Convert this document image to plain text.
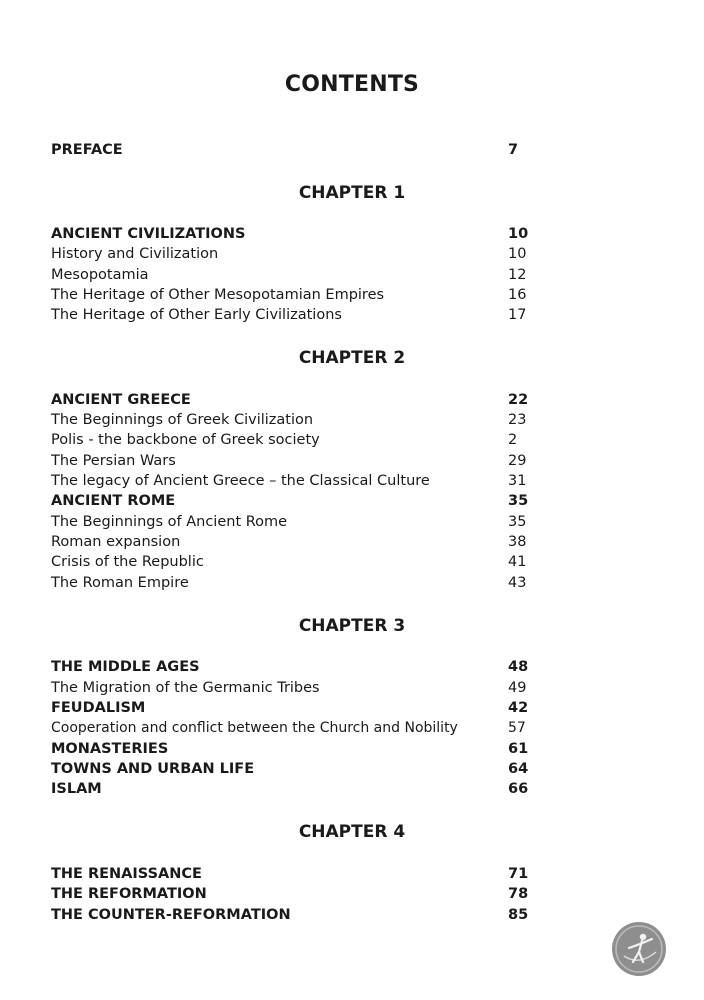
CONTENTS
PREFACE	7
CHAPTER 1
ANCIENT CIVILIZATIONS	10
History and Civilization	10
Mesopotamia	12
The Heritage of Other Mesopotamian Empires	16
The Heritage of Other Early Civilizations	17
CHAPTER 2
ANCIENT GREECE	22
The Beginnings of Greek Civilization	23
Polis - the backbone of Greek society	2
The Persian Wars	29
The legacy of Ancient Greece – the Classical Culture	31
ANCIENT ROME	35
The Beginnings of Ancient Rome	35
Roman expansion	38
Crisis of the Republic	41
The Roman Empire	43
CHAPTER 3
THE MIDDLE AGES	48
The Migration of the Germanic Tribes	49
FEUDALISM	42
Cooperation and conflict between the Church and Nobility	57
MONASTERIES	61
TOWNS AND URBAN LIFE	64
ISLAM	66
CHAPTER 4
THE RENAISSANCE	71
THE REFORMATION	78
THE COUNTER-REFORMATION	85
